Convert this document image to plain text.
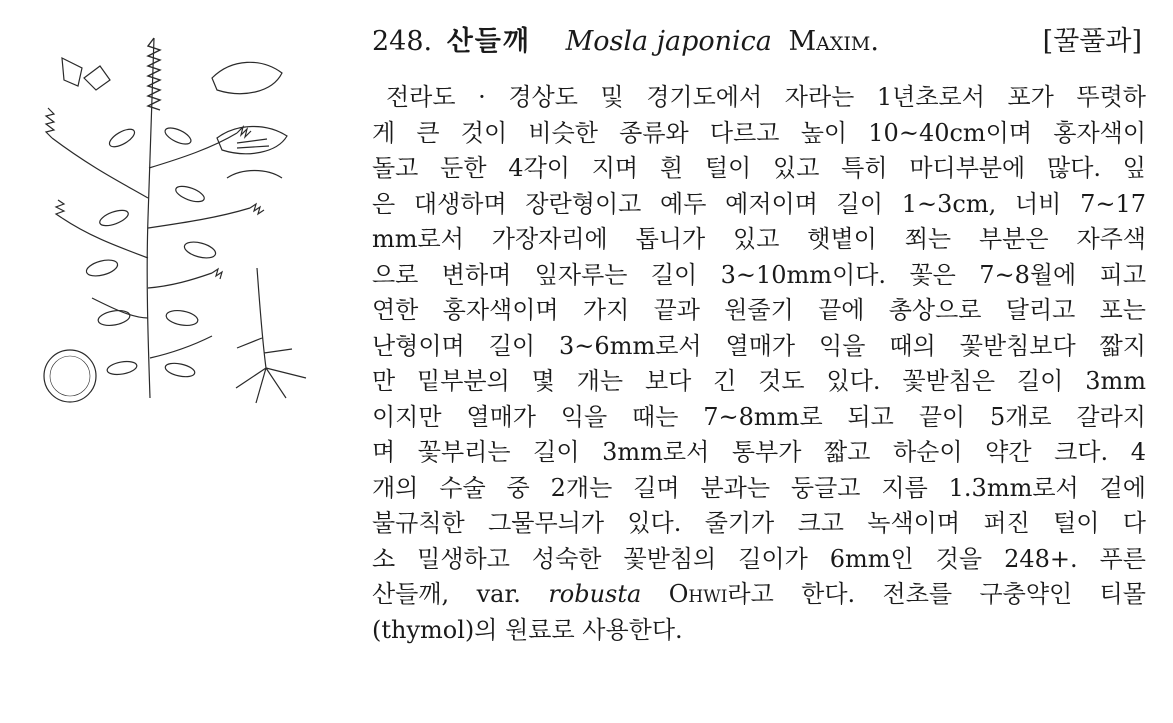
248. 산들깨 Mosla japonica Maxim.	[꿀풀과]
전라도 · 경상도 및 경기도에서 자라는 1년초로서 포가 뚜렷하
게 큰 것이 비슷한 종류와 다르고 높이 10~40cm이며 홍자색이
돌고 둔한 4각이 지며 흰 털이 있고 특히 마디부분에 많다. 잎
은 대생하며 장란형이고 예두 예저이며 길이 1~3cm, 너비 7~17
mm로서 가장자리에 톱니가 있고 햇볕이 쬐는 부분은 자주색
으로 변하며 잎자루는 길이 3~10mm이다. 꽃은 7~8월에 피고
연한 홍자색이며 가지 끝과 원줄기 끝에 총상으로 달리고 포는
난형이며 길이 3~6mm로서 열매가 익을 때의 꽃받침보다 짧지
만 밑부분의 몇 개는 보다 긴 것도 있다. 꽃받침은 길이 3mm
이지만 열매가 익을 때는 7~8mm로 되고 끝이 5개로 갈라지
며 꽃부리는 길이 3mm로서 통부가 짧고 하순이 약간 크다. 4
개의 수술 중 2개는 길며 분과는 둥글고 지름 1.3mm로서 겉에
불규칙한 그물무늬가 있다. 줄기가 크고 녹색이며 퍼진 털이 다
소 밀생하고 성숙한 꽃받침의 길이가 6mm인 것을 248+. 푸른
산들깨, var. robusta Ohwi라고 한다. 전초를 구충약인 티몰
(thymol)의 원료로 사용한다.
